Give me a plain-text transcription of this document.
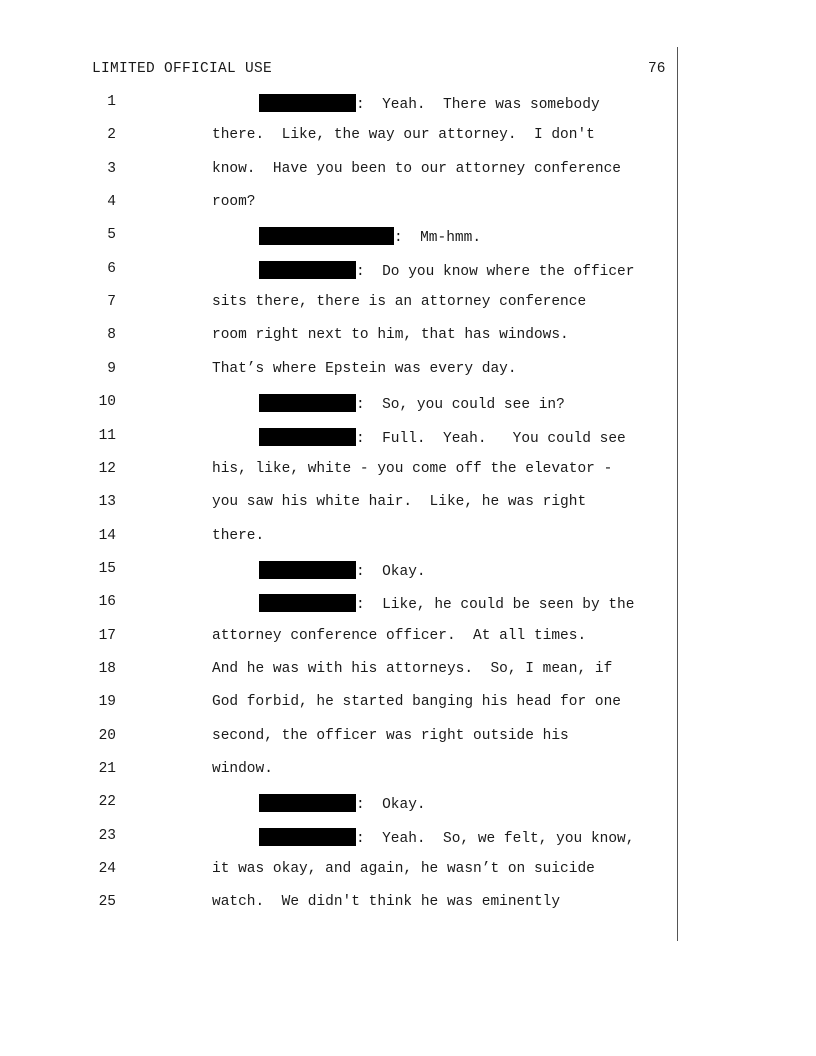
LIMITED OFFICIAL USE	76
1	:  Yeah.  There was somebody
2	there.  Like, the way our attorney.  I don't
3	know.  Have you been to our attorney conference
4	room?
5	:  Mm-hmm.
6	:  Do you know where the officer
7	sits there, there is an attorney conference
8	room right next to him, that has windows.
9	That’s where Epstein was every day.
10	:  So, you could see in?
11	:  Full.  Yeah.   You could see
12	his, like, white - you come off the elevator -
13	you saw his white hair.  Like, he was right
14	there.
15	:  Okay.
16	:  Like, he could be seen by the
17	attorney conference officer.  At all times.
18	And he was with his attorneys.  So, I mean, if
19	God forbid, he started banging his head for one
20	second, the officer was right outside his
21	window.
22	:  Okay.
23	:  Yeah.  So, we felt, you know,
24	it was okay, and again, he wasn’t on suicide
25	watch.  We didn't think he was eminently
